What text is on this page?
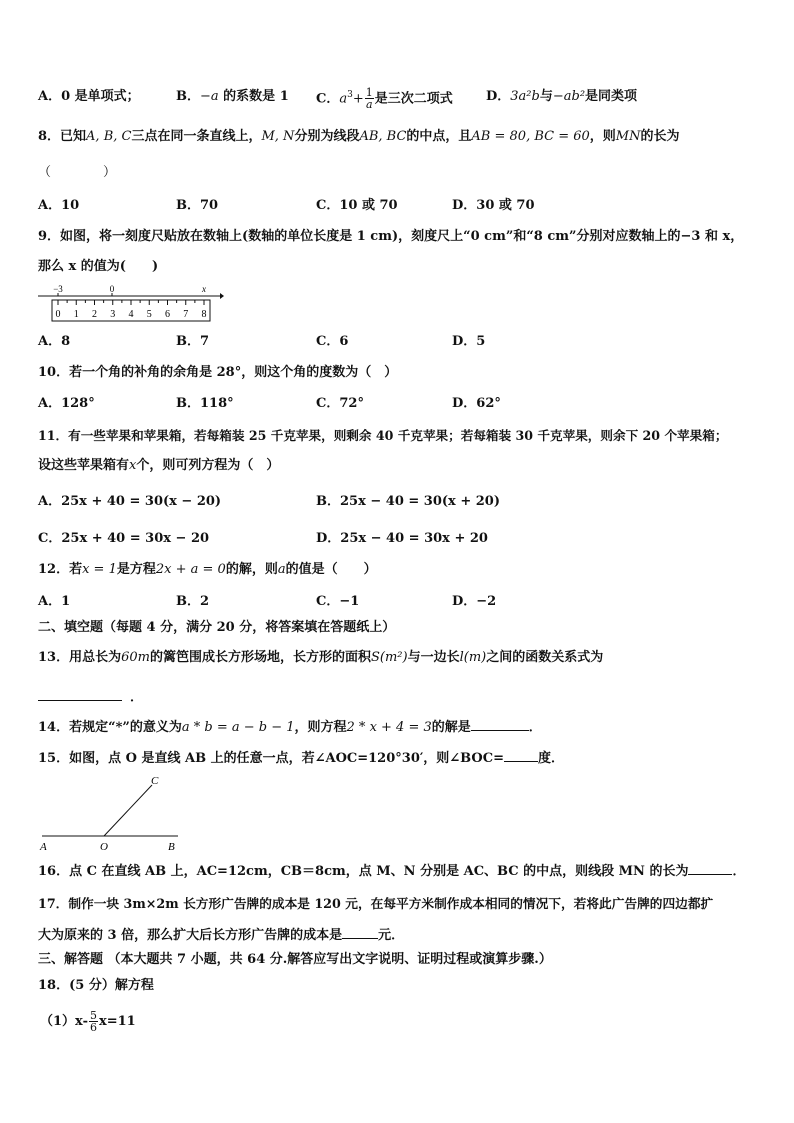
A．0 是单项式；	B．−a 的系数是 1 C．$a^3+ \frac{1}{a}$ 是三次二项式	D．3a²b与−ab²是同类项
8．已知A, B, C三点在同一条直线上，M, N分别为线段AB, BC的中点，且AB = 80, BC = 60，则MN的长为
（　　　　）
A．10	B．70	C．10 或 70	D．30 或 70
9．如图，将一刻度尺贴放在数轴上(数轴的单位长度是 1 cm)，刻度尺上“0 cm”和“8 cm”分别对应数轴上的−3 和 x，
那么 x 的值为(　　)
−3	0	x
0 1 2 3 4 5 6 7 8
A．8	B．7	C．6	D．5
10．若一个角的补角的余角是 28°，则这个角的度数为（　）
A．128°	B．118°	C．72°	D．62°
11．有一些苹果和苹果箱，若每箱装 25 千克苹果，则剩余 40 千克苹果；若每箱装 30 千克苹果，则余下 20 个苹果箱；
设这些苹果箱有x个，则可列方程为（　）
A．25x + 40 = 30(x − 20)	B．25x − 40 = 30(x + 20)
C．25x + 40 = 30x − 20	D．25x − 40 = 30x + 20
12．若x = 1是方程2x + a = 0的解，则a的值是（　　）
A．1	B．2	C．−1	D．−2
二、填空题（每题 4 分，满分 20 分，将答案填在答题纸上）
13．用总长为60m的篱笆围成长方形场地，长方形的面积S(m²)与一边长l(m)之间的函数关系式为
．
14．若规定“*”的意义为a * b = a − b − 1，则方程2 * x + 4 = 3的解是	．
15．如图，点 O 是直线 AB 上的任意一点，若∠AOC=120°30′，则∠BOC=	度．
C
A	O	B
16．点 C 在直线 AB 上，AC=12cm，CB＝8cm，点 M、N 分别是 AC、BC 的中点，则线段 MN 的长为	．
17．制作一块 3m×2m 长方形广告牌的成本是 120 元，在每平方米制作成本相同的情况下，若将此广告牌的四边都扩
大为原来的 3 倍，那么扩大后长方形广告牌的成本是	元．
三、解答题 （本大题共 7 小题，共 64 分.解答应写出文字说明、证明过程或演算步骤.）
18．(5 分）解方程
$(1)x- \frac{5}{6} x=11$
